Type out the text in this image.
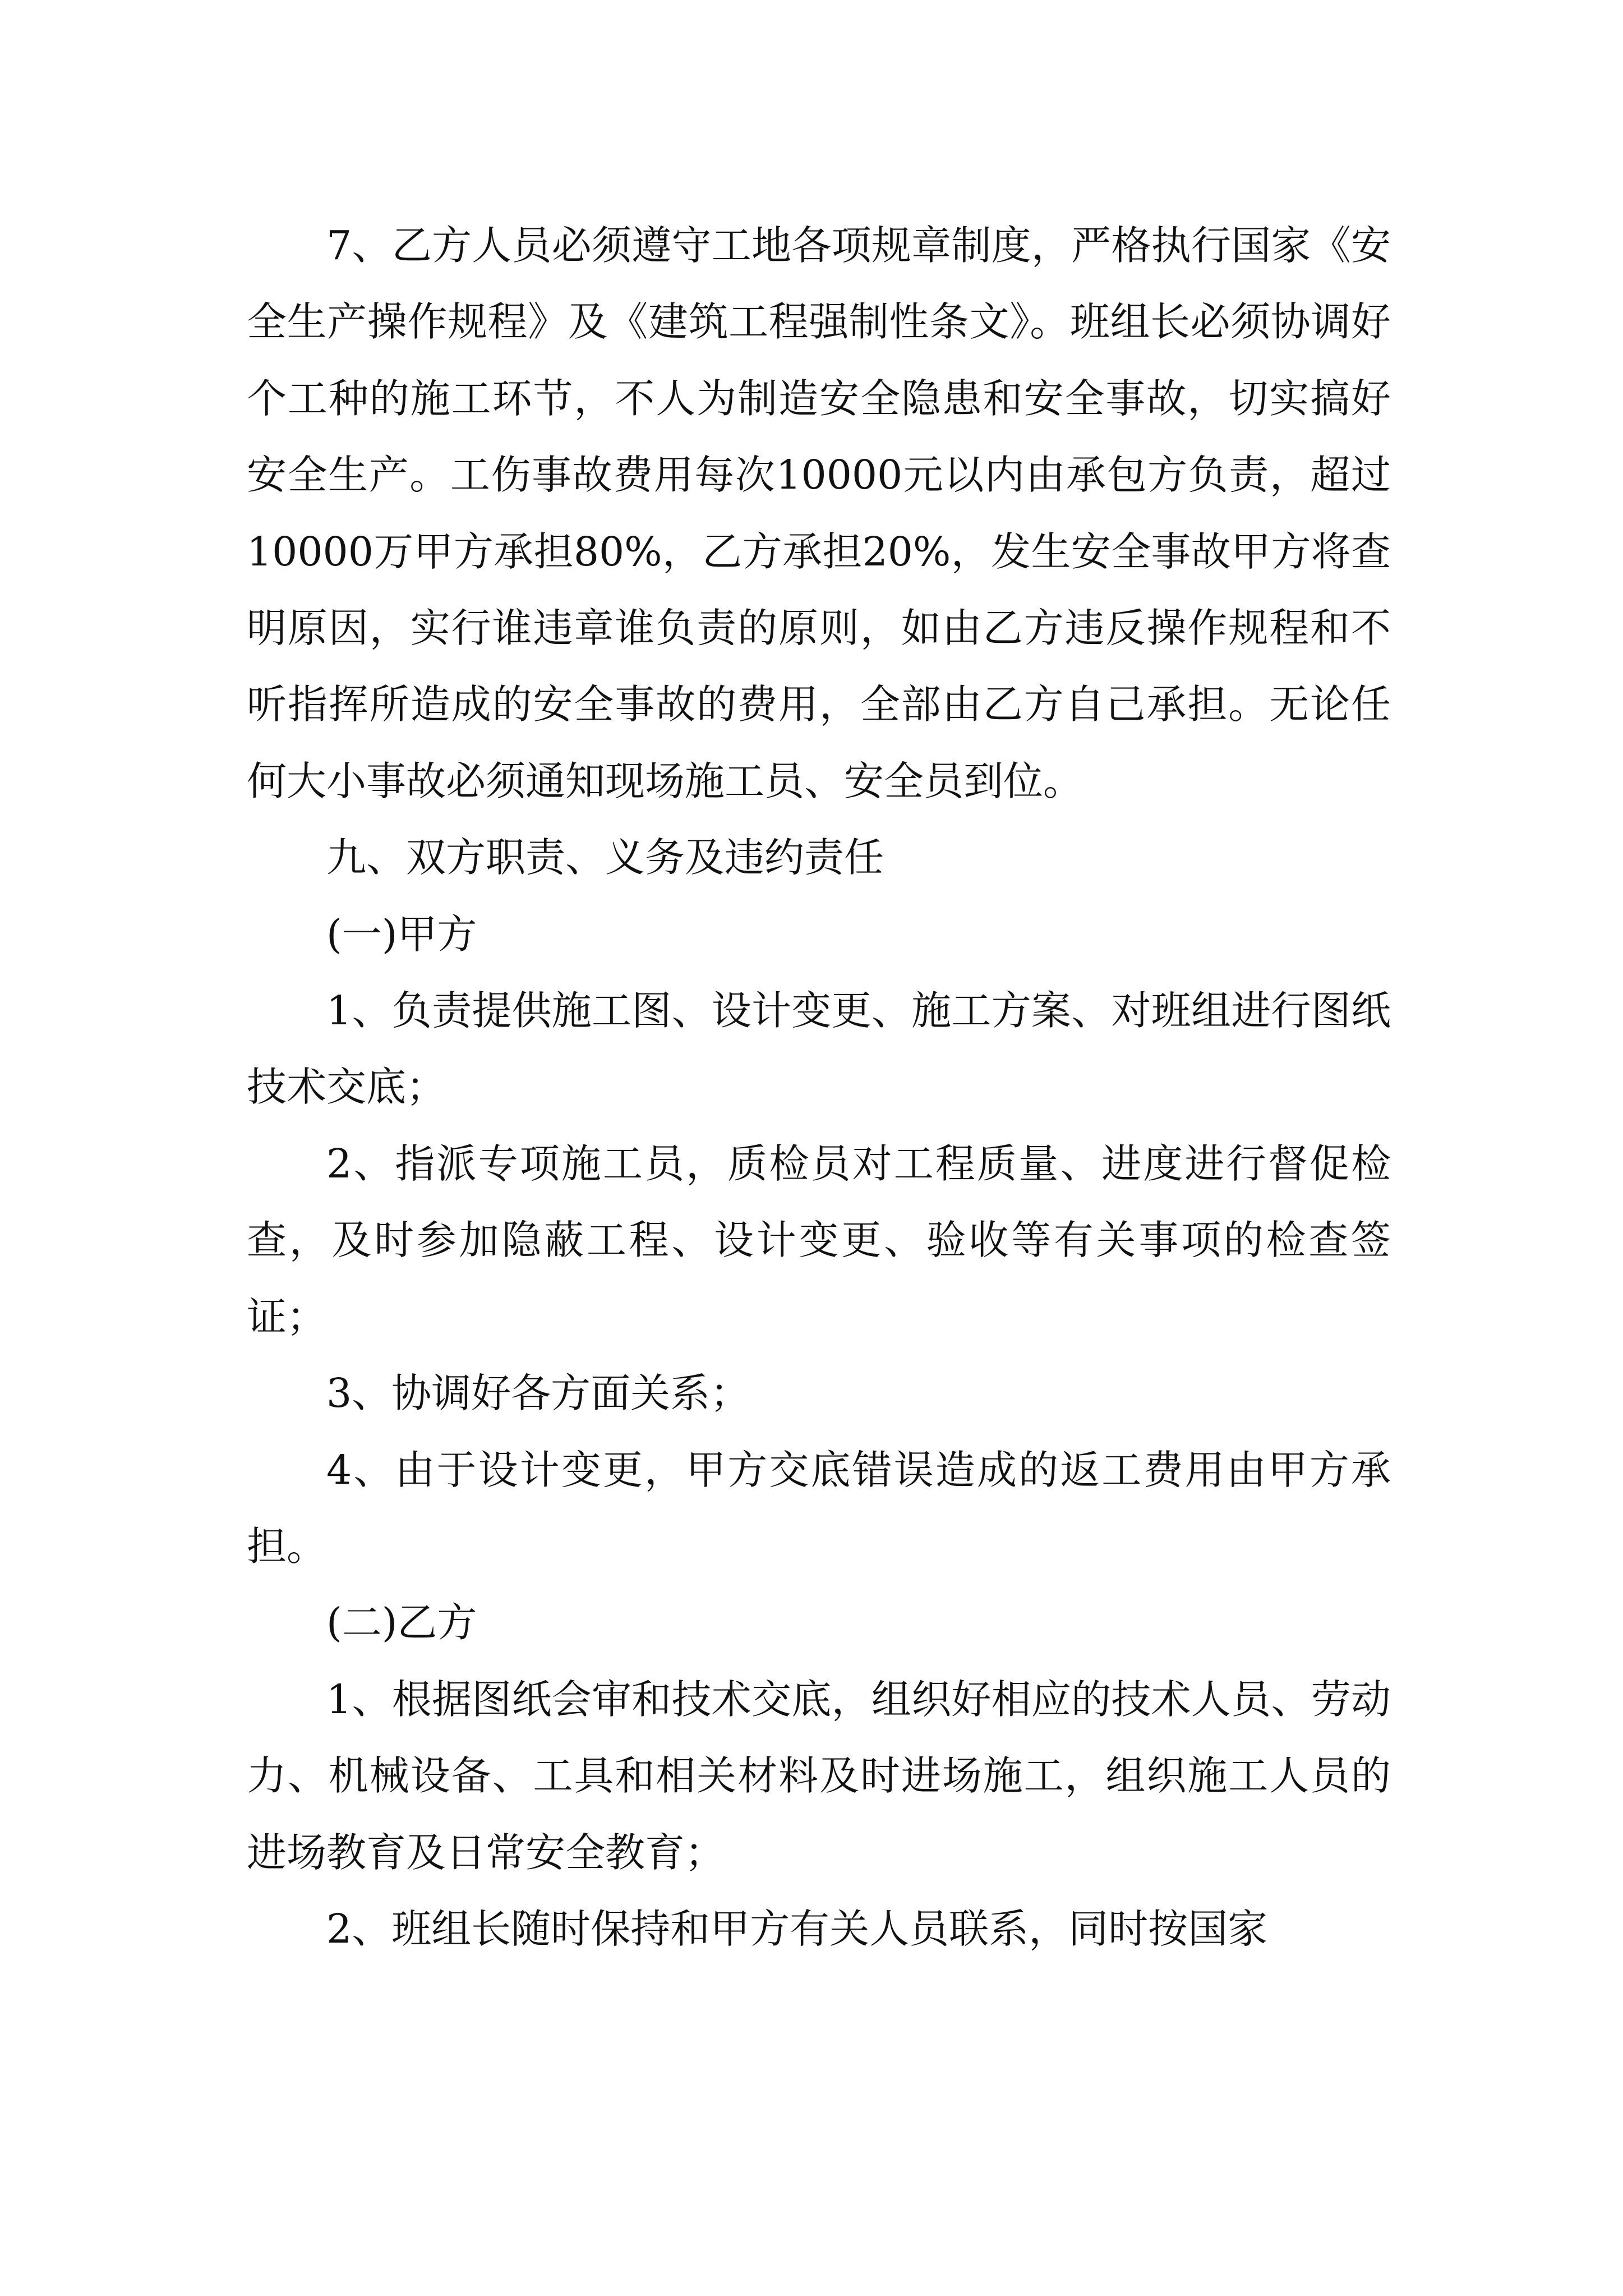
7、乙方人员必须遵守工地各项规章制度，严格执行国家《安全生产操作规程》及《建筑工程强制性条文》。班组长必须协调好个工种的施工环节，不人为制造安全隐患和安全事故，切实搞好安全生产。工伤事故费用每次10000元以内由承包方负责，超过10000万甲方承担80%，乙方承担20%，发生安全事故甲方将查明原因，实行谁违章谁负责的原则，如由乙方违反操作规程和不听指挥所造成的安全事故的费用，全部由乙方自己承担。无论任何大小事故必须通知现场施工员、安全员到位。

九、双方职责、义务及违约责任

(一)甲方

1、负责提供施工图、设计变更、施工方案、对班组进行图纸技术交底；

2、指派专项施工员，质检员对工程质量、进度进行督促检查，及时参加隐蔽工程、设计变更、验收等有关事项的检查签证；

3、协调好各方面关系；

4、由于设计变更，甲方交底错误造成的返工费用由甲方承担。

(二)乙方

1、根据图纸会审和技术交底，组织好相应的技术人员、劳动力、机械设备、工具和相关材料及时进场施工，组织施工人员的进场教育及日常安全教育；

2、班组长随时保持和甲方有关人员联系，同时按国家
